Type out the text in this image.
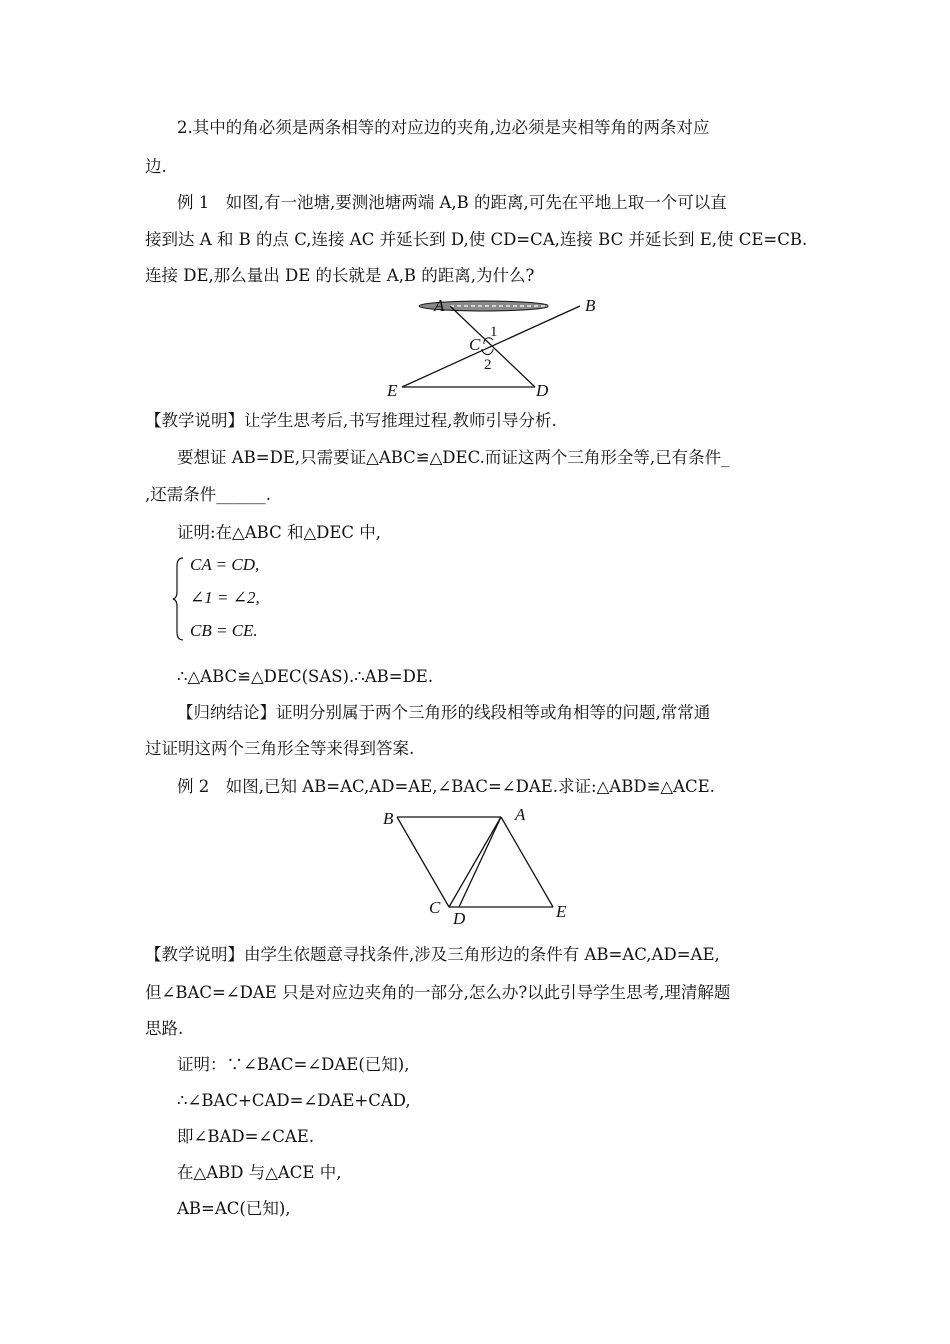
2.其中的角必须是两条相等的对应边的夹角,边必须是夹相等角的两条对应
边.
例 1　如图,有一池塘,要测池塘两端 A,B 的距离,可先在平地上取一个可以直
接到达 A 和 B 的点 C,连接 AC 并延长到 D,使 CD=CA,连接 BC 并延长到 E,使 CE=CB.
连接 DE,那么量出 DE 的长就是 A,B 的距离,为什么?
A	B
C
1
2
E	D
【教学说明】让学生思考后,书写推理过程,教师引导分析.
要想证 AB=DE,只需要证△ABC≌△DEC.而证这两个三角形全等,已有条件_
,还需条件______.
证明:在△ABC 和△DEC 中,
CA = CD,
∠1 = ∠2,
CB = CE.
∴△ABC≌△DEC(SAS).∴AB=DE.
【归纳结论】证明分别属于两个三角形的线段相等或角相等的问题,常常通
过证明这两个三角形全等来得到答案.
例 2　如图,已知 AB=AC,AD=AE,∠BAC=∠DAE.求证:△ABD≌△ACE.
B	A
C
D	E
【教学说明】由学生依题意寻找条件,涉及三角形边的条件有 AB=AC,AD=AE,
但∠BAC=∠DAE 只是对应边夹角的一部分,怎么办?以此引导学生思考,理清解题
思路.
证明：∵∠BAC=∠DAE(已知),
∴∠BAC+CAD=∠DAE+CAD,
即∠BAD=∠CAE.
在△ABD 与△ACE 中,
AB=AC(已知),
